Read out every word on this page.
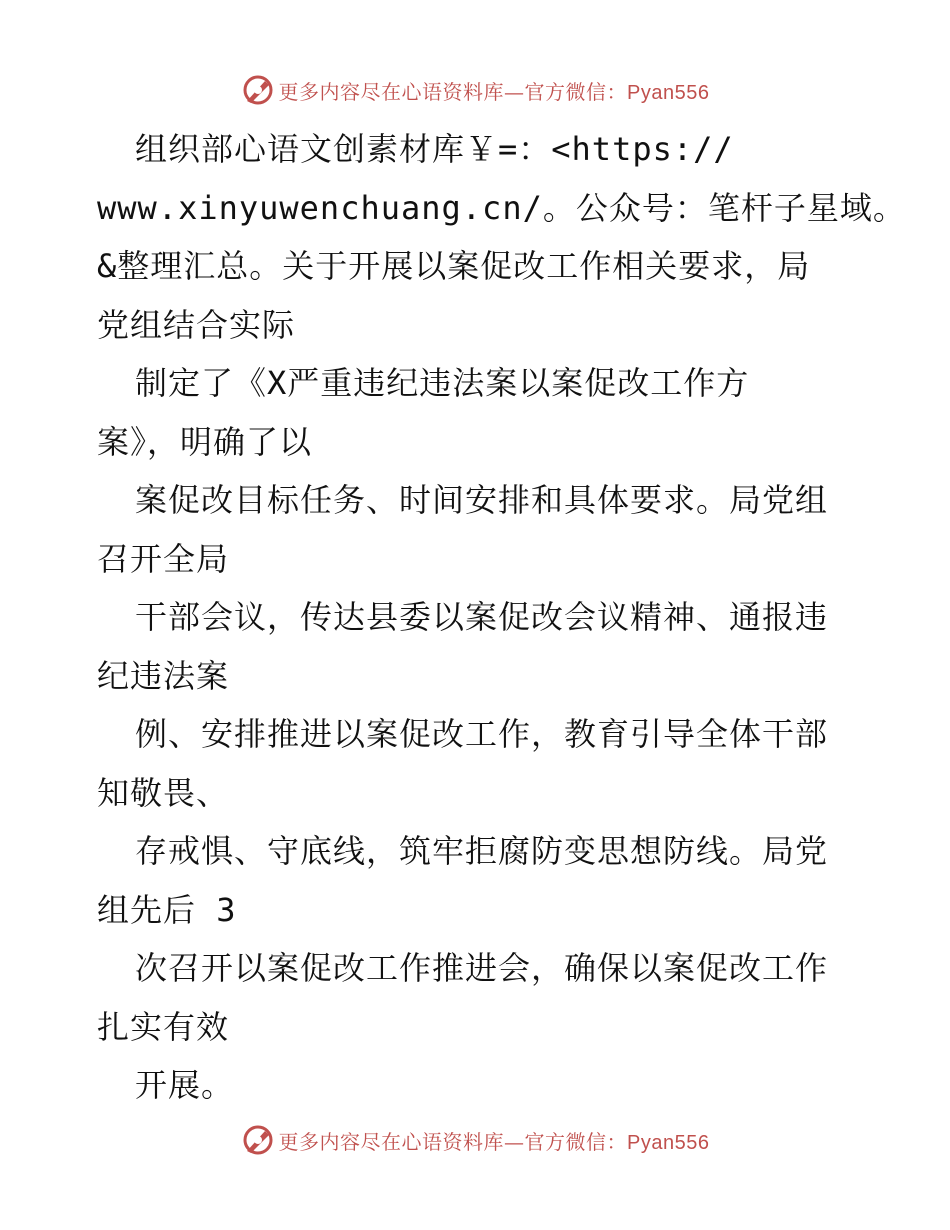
更多内容尽在心语资料库—官方微信：Pyan556
组织部心语文创素材库￥=：<https://
www.xinyuwenchuang.cn/。公众号：笔杆子星域。
&整理汇总。关于开展以案促改工作相关要求，局
党组结合实际
制定了《X严重违纪违法案以案促改工作方
案》，明确了以
案促改目标任务、时间安排和具体要求。局党组
召开全局
干部会议，传达县委以案促改会议精神、通报违
纪违法案
例、安排推进以案促改工作，教育引导全体干部
知敬畏、
存戒惧、守底线，筑牢拒腐防变思想防线。局党
组先后 3
次召开以案促改工作推进会，确保以案促改工作
扎实有效
开展。
更多内容尽在心语资料库—官方微信：Pyan556
